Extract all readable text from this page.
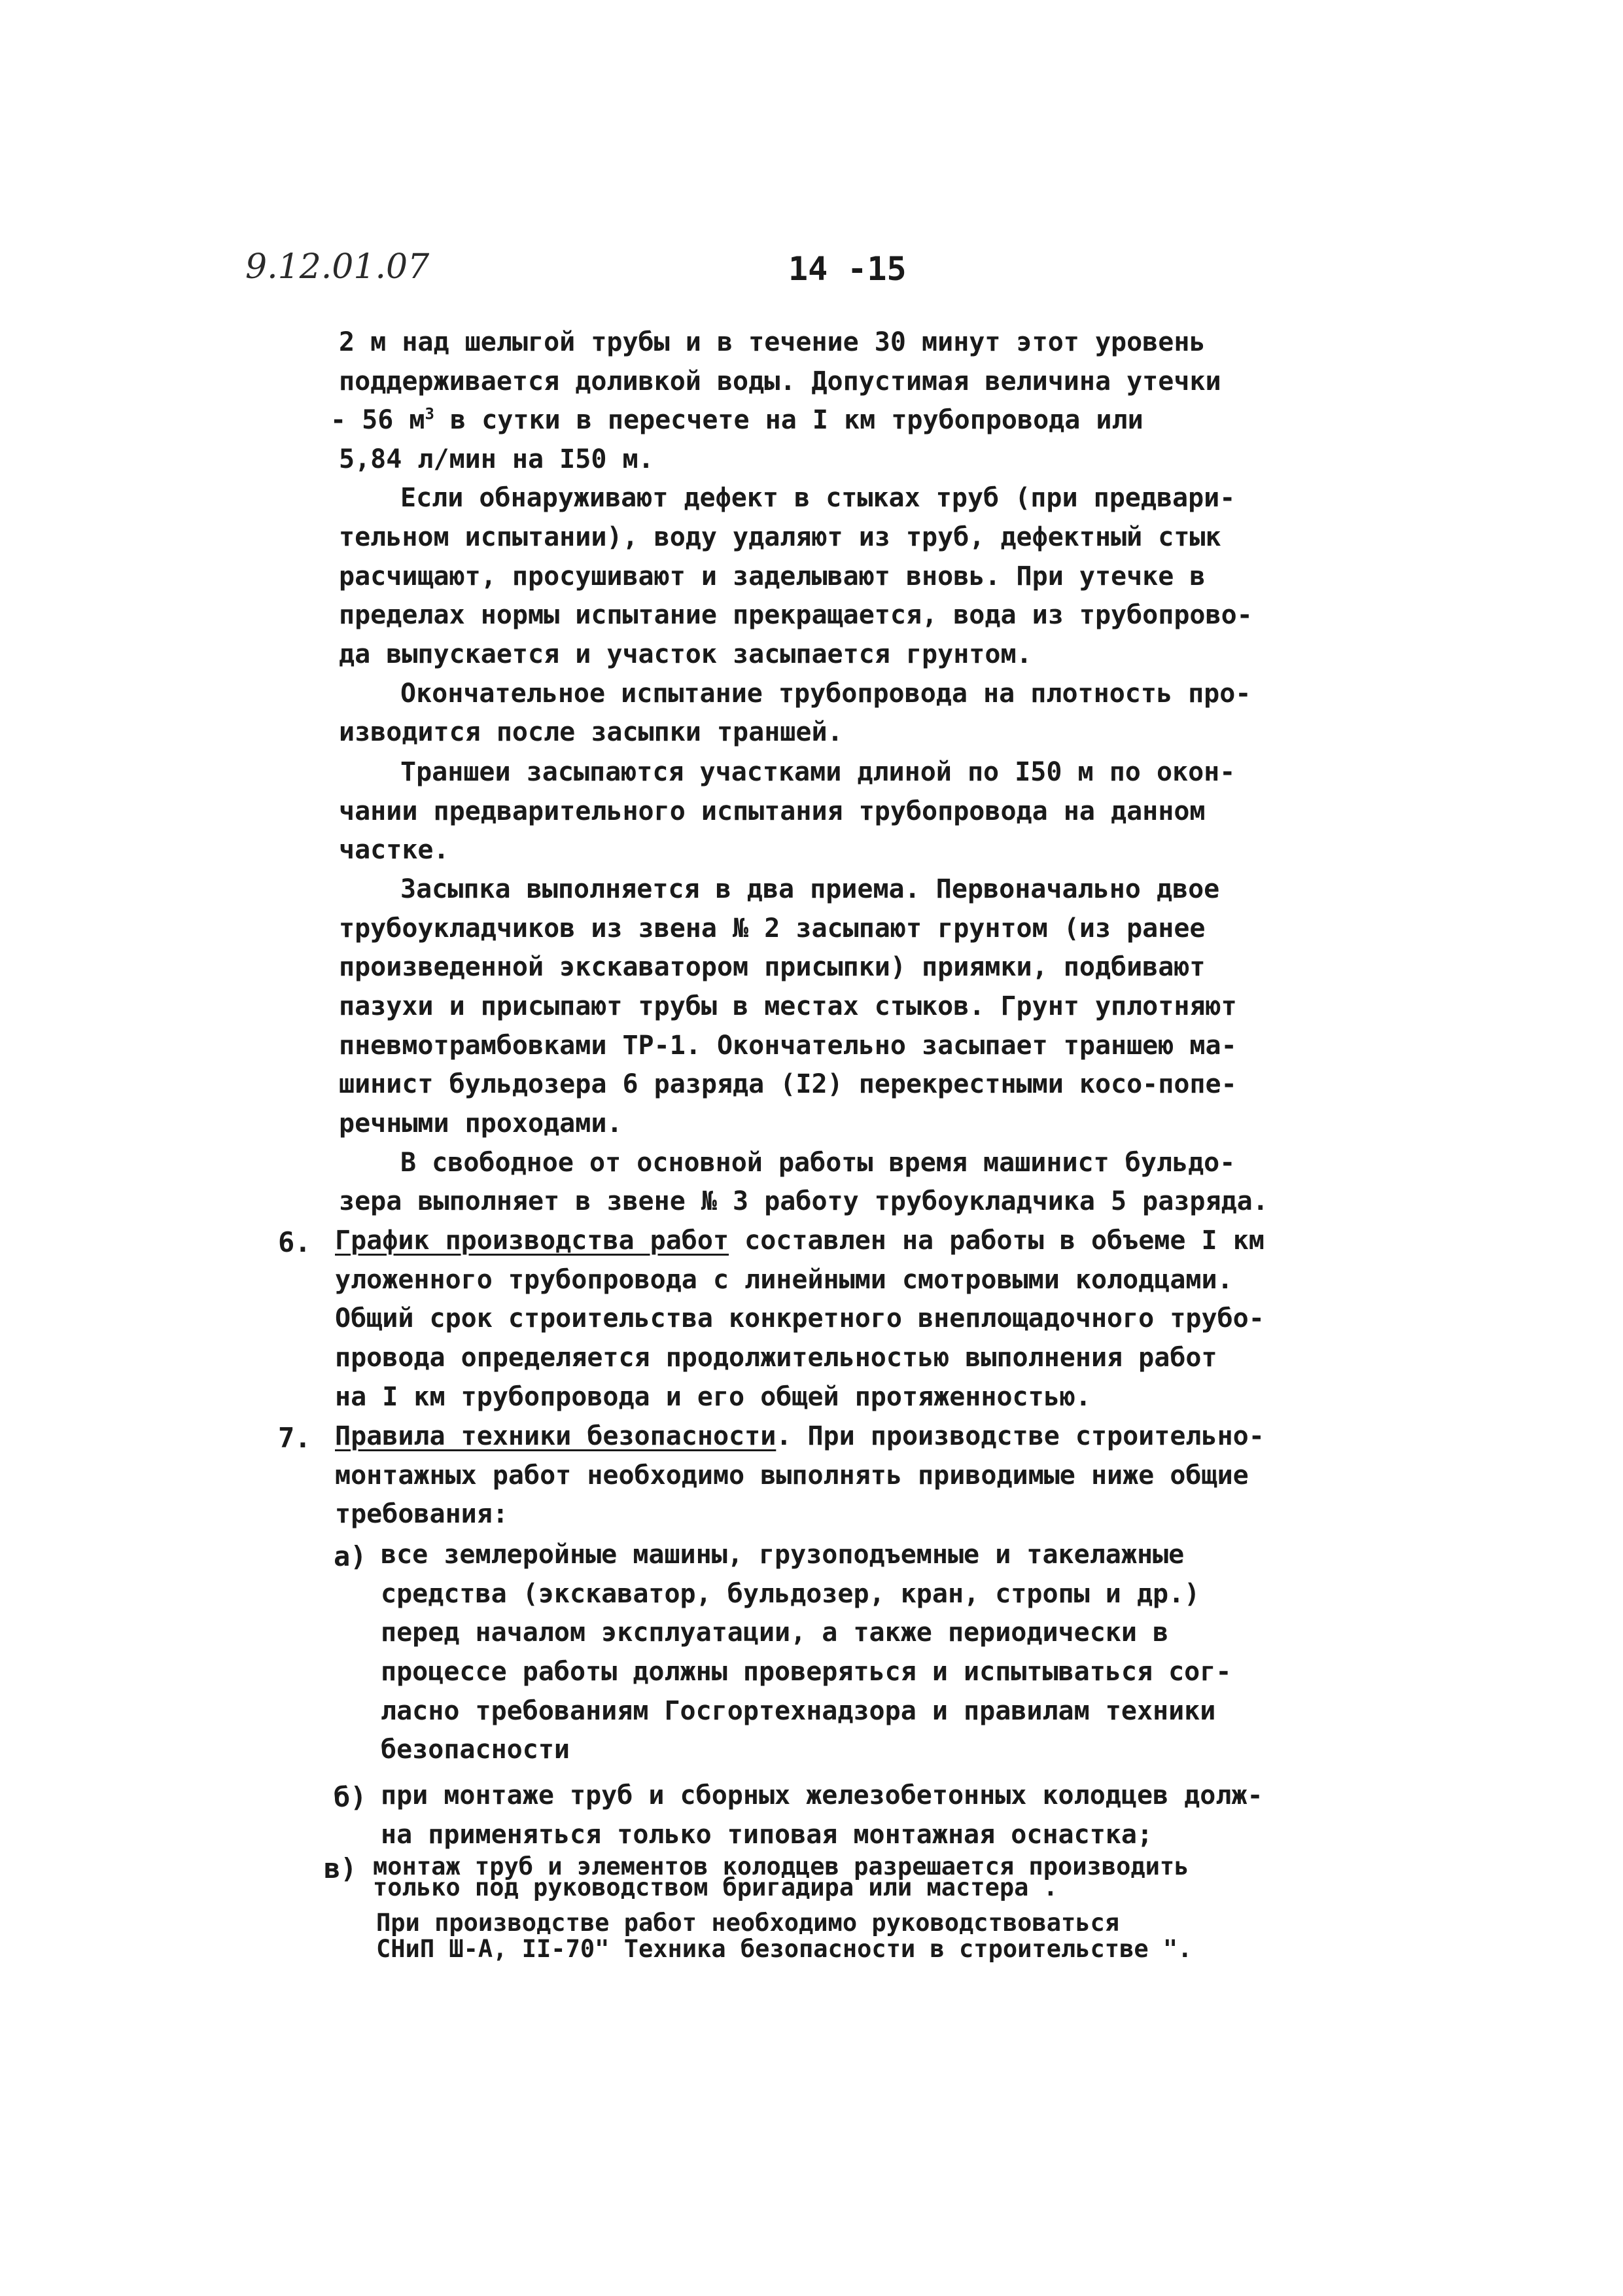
9.12.01.07	14 -15
2 м над шелыгой трубы и в течение 30 минут этот уровень
поддерживается доливкой воды. Допустимая величина утечки
- 56 $м^3$ в сутки в пересчете на I км трубопровода или
5,84 л/мин на I50 м.
Если обнаруживают дефект в стыках труб (при предвари-
тельном испытании), воду удаляют из труб, дефектный стык
расчищают, просушивают и заделывают вновь. При утечке в
пределах нормы испытание прекращается, вода из трубопрово-
да выпускается и участок засыпается грунтом.
Окончательное испытание трубопровода на плотность про-
изводится после засыпки траншей.
Траншеи засыпаются участками длиной по I50 м по окон-
чании предварительного испытания трубопровода на данном
частке.
Засыпка выполняется в два приема. Первоначально двое
трубоукладчиков из звена № 2 засыпают грунтом (из ранее
произведенной экскаватором присыпки) приямки, подбивают
пазухи и присыпают трубы в местах стыков. Грунт уплотняют
пневмотрамбовками ТР-1. Окончательно засыпает траншею ма-
шинист бульдозера 6 разряда (I2) перекрестными косо-попе-
речными проходами.
В свободное от основной работы время машинист бульдо-
зера выполняет в звене № 3 работу трубоукладчика 5 разряда.
6. График производства работ составлен на работы в объеме I км
уложенного трубопровода с линейными смотровыми колодцами.
Общий срок строительства конкретного внеплощадочного трубо-
провода определяется продолжительностью выполнения работ
на I км трубопровода и его общей протяженностью.
7. Правила техники безопасности. При производстве строительно-
монтажных работ необходимо выполнять приводимые ниже общие
требования:
а) все землеройные машины, грузоподъемные и такелажные
средства (экскаватор, бульдозер, кран, стропы и др.)
перед началом эксплуатации, а также периодически в
процессе работы должны проверяться и испытываться сог-
ласно требованиям Госгортехнадзора и правилам техники
безопасности
б) при монтаже труб и сборных железобетонных колодцев долж-
на применяться только типовая монтажная оснастка;
в) монтаж труб и элементов колодцев разрешается производить
только под руководством бригадира или мастера .
При производстве работ необходимо руководствоваться
СНиП Ш-А, II-70" Техника безопасности в строительстве ".
